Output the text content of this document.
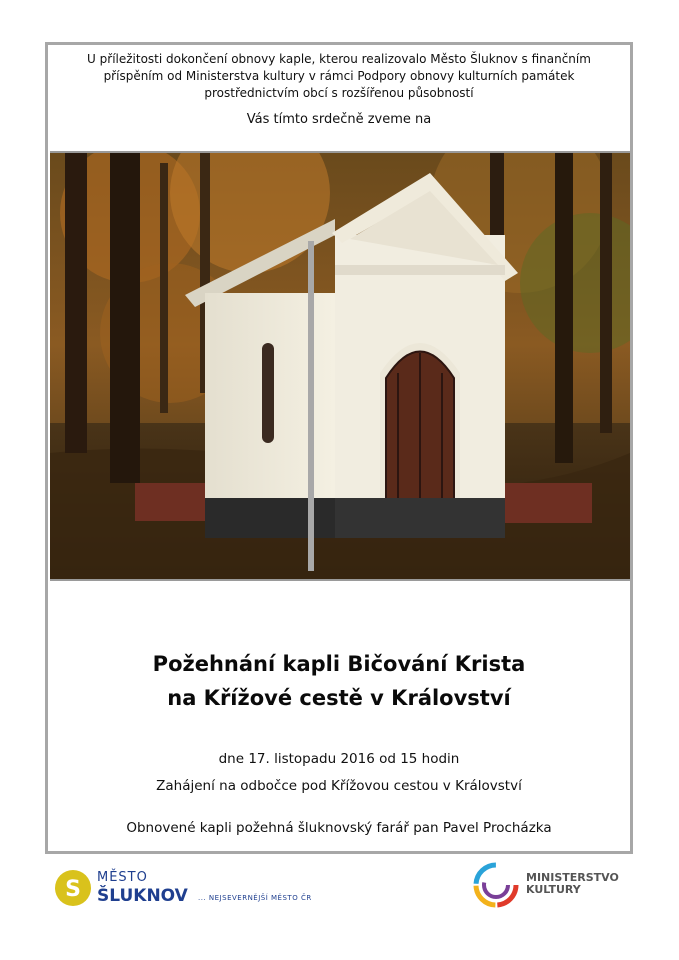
U příležitosti dokončení obnovy kaple, kterou realizovalo Město Šluknov s finančním
příspěním od Ministerstva kultury v rámci Podpory obnovy kulturních památek
prostřednictvím obcí s rozšířenou působností
Vás tímto srdečně zveme na
Požehnání kapli Bičování Krista
na Křížové cestě v Království
dne 17. listopadu 2016 od 15 hodin
Zahájení na odbočce pod Křížovou cestou v Království
Obnovené kapli požehná šluknovský farář pan Pavel Procházka
S MĚSTO
ŠLUKNOV ... NEJSEVERNĚJŠÍ MĚSTO ČR
MINISTERSTVO
KULTURY
